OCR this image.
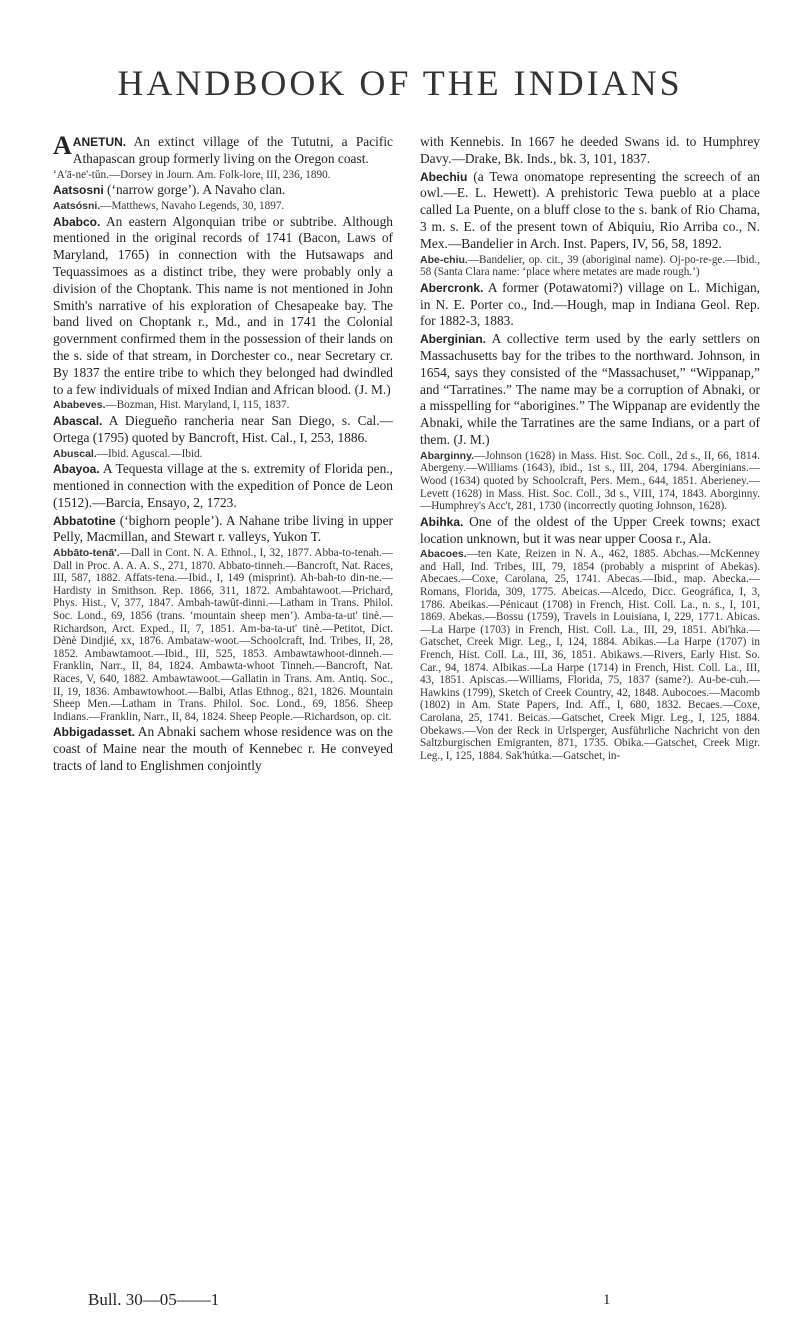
HANDBOOK OF THE INDIANS

AANETUN. An extinct village of the Tututni, a Pacific Athapascan group formerly living on the Oregon coast.

‘A'ā-ne'-tŭn.—Dorsey in Journ. Am. Folk-lore, III, 236, 1890.

Aatsosni (‘narrow gorge’). A Navaho clan.

Aatsósni.—Matthews, Navaho Legends, 30, 1897.

Ababco. An eastern Algonquian tribe or subtribe. Although mentioned in the original records of 1741 (Bacon, Laws of Maryland, 1765) in connection with the Hutsawaps and Tequassimoes as a distinct tribe, they were probably only a division of the Choptank. This name is not mentioned in John Smith's narrative of his exploration of Chesapeake bay. The band lived on Choptank r., Md., and in 1741 the Colonial government confirmed them in the possession of their lands on the s. side of that stream, in Dorchester co., near Secretary cr. By 1837 the entire tribe to which they belonged had dwindled to a few individuals of mixed Indian and African blood. (J. M.)

Ababeves.—Bozman, Hist. Maryland, I, 115, 1837.

Abascal. A Diegueño rancheria near San Diego, s. Cal.—Ortega (1795) quoted by Bancroft, Hist. Cal., I, 253, 1886.

Abuscal.—Ibid. Aguscal.—Ibid.

Abayoa. A Tequesta village at the s. extremity of Florida pen., mentioned in connection with the expedition of Ponce de Leon (1512).—Barcia, Ensayo, 2, 1723.

Abbatotine (‘bighorn people’). A Nahane tribe living in upper Pelly, Macmillan, and Stewart r. valleys, Yukon T.

Abbāto-tenā'.—Dall in Cont. N. A. Ethnol., I, 32, 1877. Abba-to-tenah.—Dall in Proc. A. A. A. S., 271, 1870. Abbato-tinneh.—Bancroft, Nat. Races, III, 587, 1882. Affats-tena.—Ibid., I, 149 (misprint). Ah-bah-to din-ne.—Hardisty in Smithson. Rep. 1866, 311, 1872. Ambahtawoot.—Prichard, Phys. Hist., V, 377, 1847. Ambah-tawût-dinni.—Latham in Trans. Philol. Soc. Lond., 69, 1856 (trans. ‘mountain sheep men’). Amba-ta-ut' tinè.—Richardson, Arct. Exped., II, 7, 1851. Am-ba-ta-ut' tinè.—Petitot, Dict. Dènè Dindjié, xx, 1876. Ambataw-woot.—Schoolcraft, Ind. Tribes, II, 28, 1852. Ambawtamoot.—Ibid., III, 525, 1853. Ambawtawhoot-dinneh.—Franklin, Narr., II, 84, 1824. Ambawta-whoot Tinneh.—Bancroft, Nat. Races, V, 640, 1882. Ambawtawoot.—Gallatin in Trans. Am. Antiq. Soc., II, 19, 1836. Ambawtowhoot.—Balbi, Atlas Ethnog., 821, 1826. Mountain Sheep Men.—Latham in Trans. Philol. Soc. Lond., 69, 1856. Sheep Indians.—Franklin, Narr., II, 84, 1824. Sheep People.—Richardson, op. cit.

Abbigadasset. An Abnaki sachem whose residence was on the coast of Maine near the mouth of Kennebec r. He conveyed tracts of land to Englishmen conjointly

with Kennebis. In 1667 he deeded Swans id. to Humphrey Davy.—Drake, Bk. Inds., bk. 3, 101, 1837.

Abechiu (a Tewa onomatope representing the screech of an owl.—E. L. Hewett). A prehistoric Tewa pueblo at a place called La Puente, on a bluff close to the s. bank of Rio Chama, 3 m. s. E. of the present town of Abiquiu, Rio Arriba co., N. Mex.—Bandelier in Arch. Inst. Papers, IV, 56, 58, 1892.

Abe-chiu.—Bandelier, op. cit., 39 (aboriginal name). Oj-po-re-ge.—Ibid., 58 (Santa Clara name: ‘place where metates are made rough.’)

Abercronk. A former (Potawatomi?) village on L. Michigan, in N. E. Porter co., Ind.—Hough, map in Indiana Geol. Rep. for 1882-3, 1883.

Aberginian. A collective term used by the early settlers on Massachusetts bay for the tribes to the northward. Johnson, in 1654, says they consisted of the “Massachuset,” “Wippanap,” and “Tarratines.” The name may be a corruption of Abnaki, or a misspelling for “aborigines.” The Wippanap are evidently the Abnaki, while the Tarratines are the same Indians, or a part of them. (J. M.)

Abarginny.—Johnson (1628) in Mass. Hist. Soc. Coll., 2d s., II, 66, 1814. Abergeny.—Williams (1643), ibid., 1st s., III, 204, 1794. Aberginians.—Wood (1634) quoted by Schoolcraft, Pers. Mem., 644, 1851. Aberieney.—Levett (1628) in Mass. Hist. Soc. Coll., 3d s., VIII, 174, 1843. Aborginny.—Humphrey's Acc't, 281, 1730 (incorrectly quoting Johnson, 1628).

Abihka. One of the oldest of the Upper Creek towns; exact location unknown, but it was near upper Coosa r., Ala.

Abacoes.—ten Kate, Reizen in N. A., 462, 1885. Abchas.—McKenney and Hall, Ind. Tribes, III, 79, 1854 (probably a misprint of Abekas). Abecaes.—Coxe, Carolana, 25, 1741. Abecas.—Ibid., map. Abecka.—Romans, Florida, 309, 1775. Abeicas.—Alcedo, Dicc. Geográfica, I, 3, 1786. Abeikas.—Pénicaut (1708) in French, Hist. Coll. La., n. s., I, 101, 1869. Abekas.—Bossu (1759), Travels in Louisiana, I, 229, 1771. Abicas.—La Harpe (1703) in French, Hist. Coll. La., III, 29, 1851. Abi'hka.—Gatschet, Creek Migr. Leg., I, 124, 1884. Abikas.—La Harpe (1707) in French, Hist. Coll. La., III, 36, 1851. Abikaws.—Rivers, Early Hist. So. Car., 94, 1874. Albikas.—La Harpe (1714) in French, Hist. Coll. La., III, 43, 1851. Apiscas.—Williams, Florida, 75, 1837 (same?). Au-be-cuh.—Hawkins (1799), Sketch of Creek Country, 42, 1848. Aubocoes.—Macomb (1802) in Am. State Papers, Ind. Aff., I, 680, 1832. Becaes.—Coxe, Carolana, 25, 1741. Beicas.—Gatschet, Creek Migr. Leg., I, 125, 1884. Obekaws.—Von der Reck in Urlsperger, Ausführliche Nachricht von den Saltzburgischen Emigranten, 871, 1735. Obika.—Gatschet, Creek Migr. Leg., I, 125, 1884. Sak'hútka.—Gatschet, in-

Bull. 30—05——1	1
